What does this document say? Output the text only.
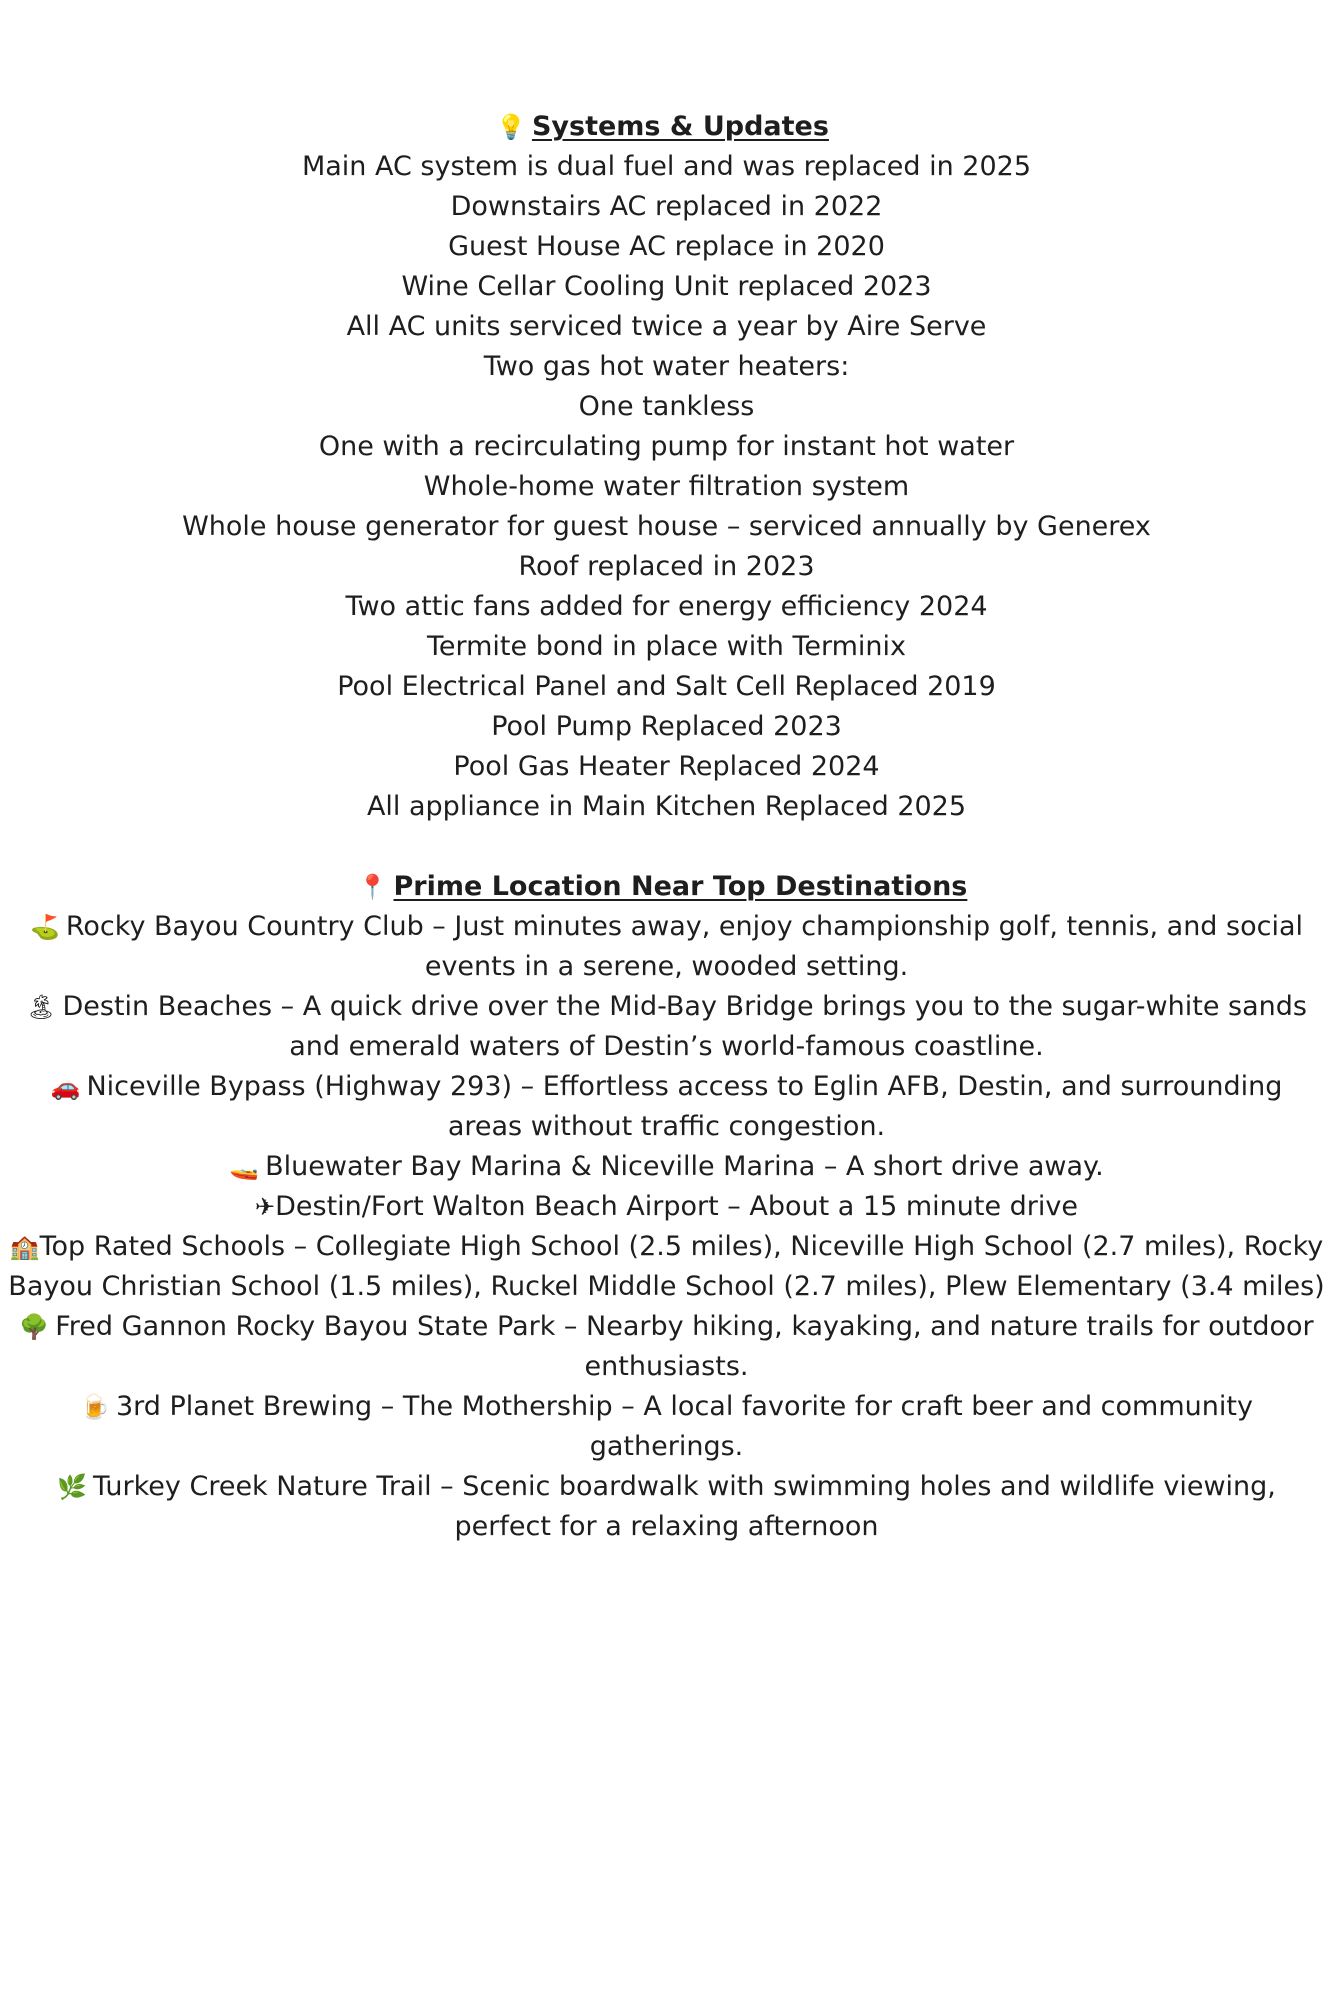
💡 Systems & Updates
Main AC system is dual fuel and was replaced in 2025
Downstairs AC replaced in 2022
Guest House AC replace in 2020
Wine Cellar Cooling Unit replaced 2023
All AC units serviced twice a year by Aire Serve
Two gas hot water heaters:
One tankless
One with a recirculating pump for instant hot water
Whole-home water filtration system
Whole house generator for guest house – serviced annually by Generex
Roof replaced in 2023
Two attic fans added for energy efficiency 2024
Termite bond in place with Terminix
Pool Electrical Panel and Salt Cell Replaced 2019
Pool Pump Replaced 2023
Pool Gas Heater Replaced 2024
All appliance in Main Kitchen Replaced 2025
📍 Prime Location Near Top Destinations
⛳ Rocky Bayou Country Club – Just minutes away, enjoy championship golf, tennis, and social events in a serene, wooded setting.
🏝 Destin Beaches – A quick drive over the Mid-Bay Bridge brings you to the sugar-white sands and emerald waters of Destin’s world-famous coastline.
🚗 Niceville Bypass (Highway 293) – Effortless access to Eglin AFB, Destin, and surrounding areas without traffic congestion.
🚤 Bluewater Bay Marina & Niceville Marina – A short drive away.
✈Destin/Fort Walton Beach Airport – About a 15 minute drive
🏫Top Rated Schools – Collegiate High School (2.5 miles), Niceville High School (2.7 miles), Rocky Bayou Christian School (1.5 miles), Ruckel Middle School (2.7 miles), Plew Elementary (3.4 miles)
🌳 Fred Gannon Rocky Bayou State Park – Nearby hiking, kayaking, and nature trails for outdoor enthusiasts.
🍺 3rd Planet Brewing – The Mothership – A local favorite for craft beer and community gatherings.
🌿 Turkey Creek Nature Trail – Scenic boardwalk with swimming holes and wildlife viewing, perfect for a relaxing afternoon
